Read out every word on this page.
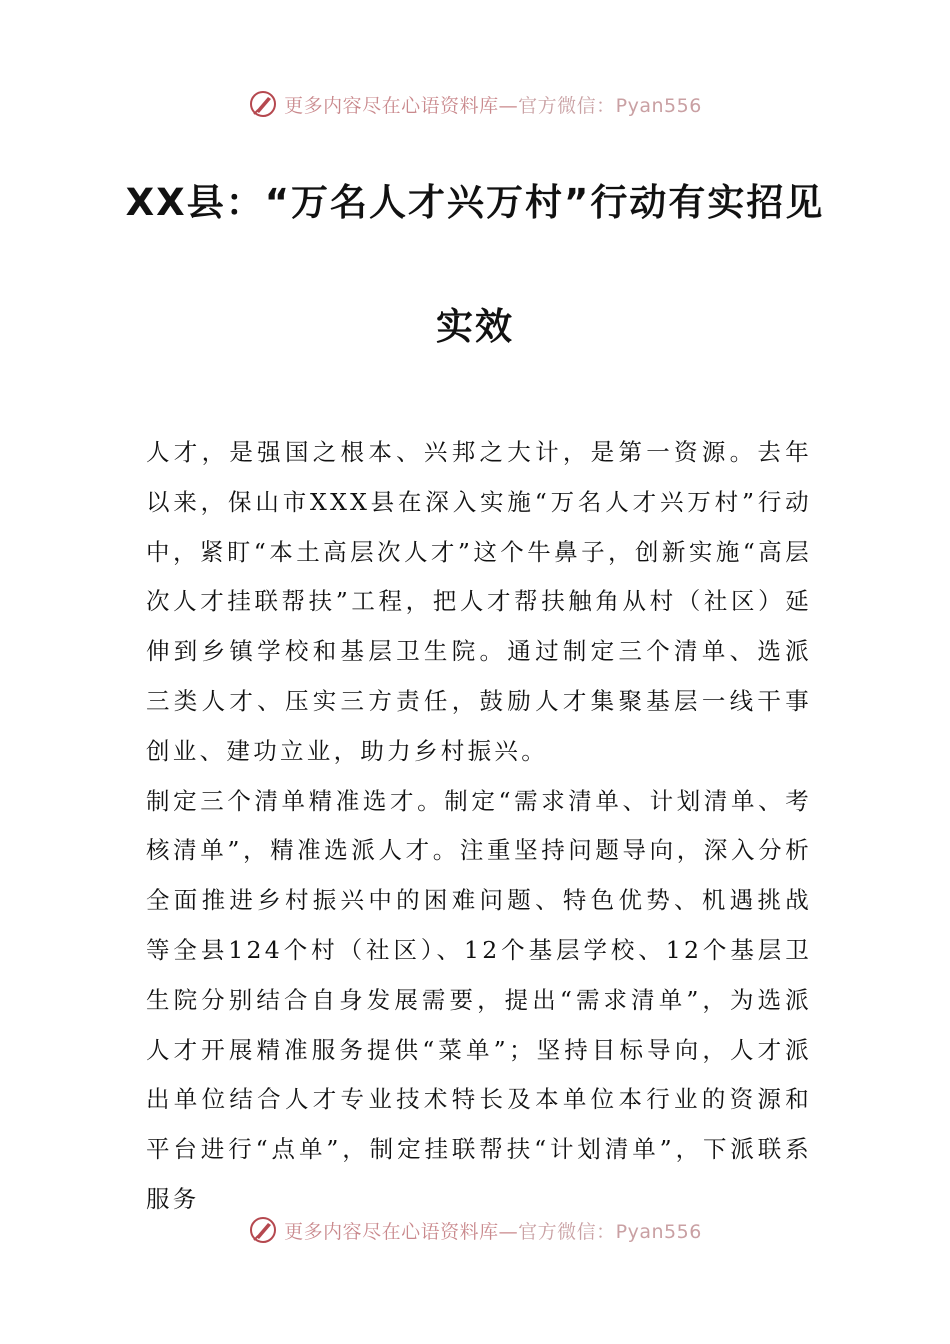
更多内容尽在心语资料库— 官方微信：Pyan556
XX县：“万名人才兴万村”行动有实招见
实效

人才，是强国之根本、兴邦之大计，是第一资源。去年以来，保山市XXX县在深入实施“万名人才兴万村”行动中，紧盯“本土高层次人才”这个牛鼻子，创新实施“高层次人才挂联帮扶”工程，把人才帮扶触角从村（社区）延伸到乡镇学校和基层卫生院。通过制定三个清单、选派三类人才、压实三方责任，鼓励人才集聚基层一线干事创业、建功立业，助力乡村振兴。

制定三个清单精准选才。制定“需求清单、计划清单、考核清单”，精准选派人才。注重坚持问题导向，深入分析全面推进乡村振兴中的困难问题、特色优势、机遇挑战等全县124个村（社区）、12个基层学校、12个基层卫生院分别结合自身发展需要，提出“需求清单”，为选派人才开展精准服务提供“菜单”；坚持目标导向，人才派出单位结合人才专业技术特长及本单位本行业的资源和平台进行“点单”，制定挂联帮扶“计划清单”，下派联系服务

更多内容尽在心语资料库— 官方微信：Pyan556
